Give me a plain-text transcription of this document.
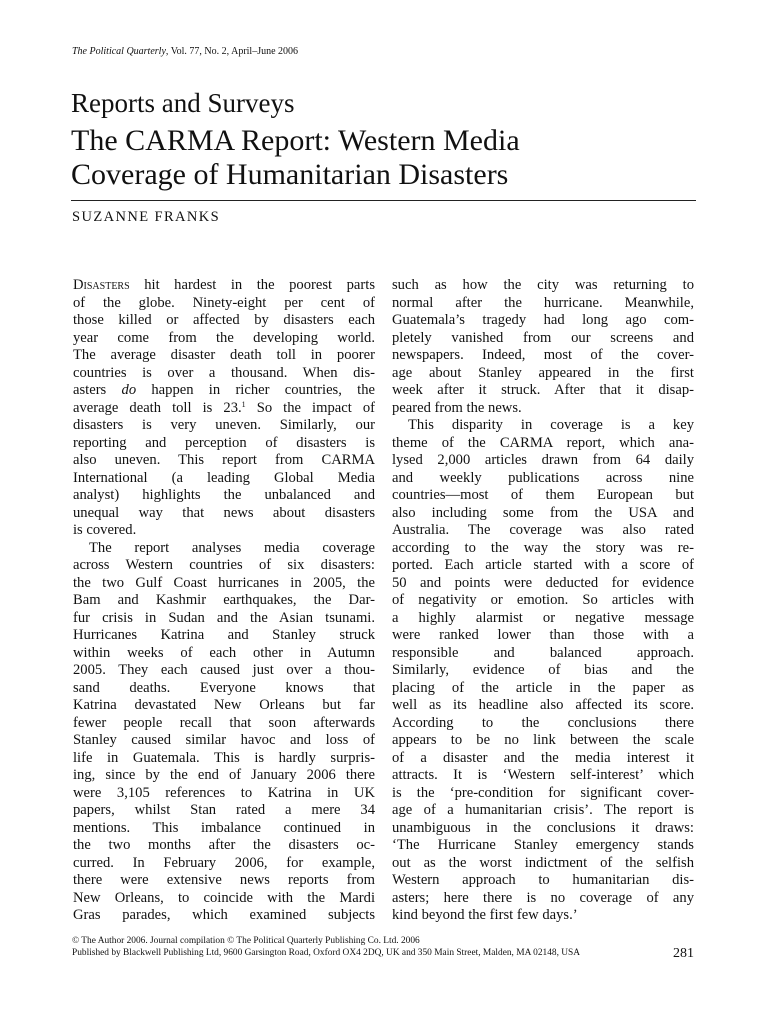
The Political Quarterly, Vol. 77, No. 2, April–June 2006
Reports and Surveys
The CARMA Report: Western Media
Coverage of Humanitarian Disasters
SUZANNE FRANKS
Disasters hit hardest in the poorest parts
of the globe. Ninety-eight per cent of
those killed or affected by disasters each
year come from the developing world.
The average disaster death toll in poorer
countries is over a thousand. When dis-
asters do happen in richer countries, the
average death toll is 23.$^1$ So the impact of
disasters is very uneven. Similarly, our
reporting and perception of disasters is
also uneven. This report from CARMA
International (a leading Global Media
analyst) highlights the unbalanced and
unequal way that news about disasters
is covered.
The report analyses media coverage
across Western countries of six disasters:
the two Gulf Coast hurricanes in 2005, the
Bam and Kashmir earthquakes, the Dar-
fur crisis in Sudan and the Asian tsunami.
Hurricanes Katrina and Stanley struck
within weeks of each other in Autumn
2005. They each caused just over a thou-
sand deaths. Everyone knows that
Katrina devastated New Orleans but far
fewer people recall that soon afterwards
Stanley caused similar havoc and loss of
life in Guatemala. This is hardly surpris-
ing, since by the end of January 2006 there
were 3,105 references to Katrina in UK
papers, whilst Stan rated a mere 34
mentions. This imbalance continued in
the two months after the disasters oc-
curred. In February 2006, for example,
there were extensive news reports from
New Orleans, to coincide with the Mardi
Gras parades, which examined subjects
such as how the city was returning to
normal after the hurricane. Meanwhile,
Guatemala’s tragedy had long ago com-
pletely vanished from our screens and
newspapers. Indeed, most of the cover-
age about Stanley appeared in the first
week after it struck. After that it disap-
peared from the news.
This disparity in coverage is a key
theme of the CARMA report, which ana-
lysed 2,000 articles drawn from 64 daily
and weekly publications across nine
countries—most of them European but
also including some from the USA and
Australia. The coverage was also rated
according to the way the story was re-
ported. Each article started with a score of
50 and points were deducted for evidence
of negativity or emotion. So articles with
a highly alarmist or negative message
were ranked lower than those with a
responsible and balanced approach.
Similarly, evidence of bias and the
placing of the article in the paper as
well as its headline also affected its score.
According to the conclusions there
appears to be no link between the scale
of a disaster and the media interest it
attracts. It is ‘Western self-interest’ which
is the ‘pre-condition for significant cover-
age of a humanitarian crisis’. The report is
unambiguous in the conclusions it draws:
‘The Hurricane Stanley emergency stands
out as the worst indictment of the selfish
Western approach to humanitarian dis-
asters; here there is no coverage of any
kind beyond the first few days.’
© The Author 2006. Journal compilation © The Political Quarterly Publishing Co. Ltd. 2006
Published by Blackwell Publishing Ltd, 9600 Garsington Road, Oxford OX4 2DQ, UK and 350 Main Street, Malden, MA 02148, USA	281
